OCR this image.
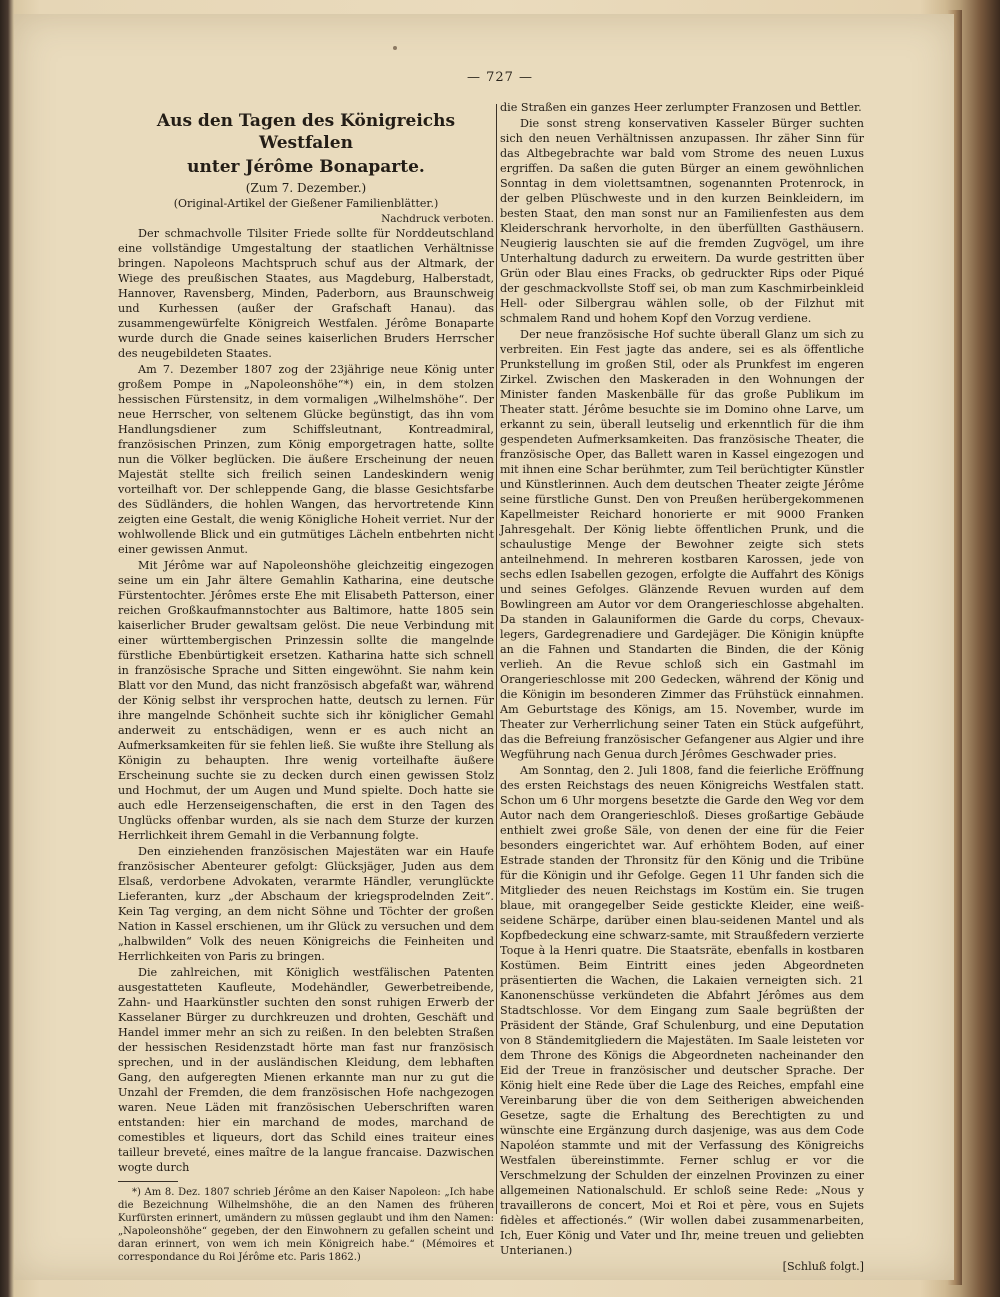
— 727 —
Aus den Tagen des Königreichs Westfalen
unter Jérôme Bonaparte.
(Zum 7. Dezember.)
(Original-Artikel der Gießener Familienblätter.)
Nachdruck verboten.

Der schmachvolle Tilsiter Friede sollte für Norddeutschland eine vollständige Umgestaltung der staatlichen Verhältnisse bringen. Napoleons Machtspruch schuf aus der Altmark, der Wiege des preußischen Staates, aus Magdeburg, Halberstadt, Hannover, Ravensberg, Minden, Paderborn, aus Braunschweig und Kurhessen (außer der Grafschaft Hanau). das zusammengewürfelte Königreich Westfalen. Jérôme Bonaparte wurde durch die Gnade seines kaiserlichen Bruders Herrscher des neugebildeten Staates.

Am 7. Dezember 1807 zog der 23jährige neue König unter großem Pompe in „Napoleonshöhe“*) ein, in dem stolzen hessischen Fürstensitz, in dem vormaligen „Wilhelmshöhe“. Der neue Herrscher, von seltenem Glücke begünstigt, das ihn vom Handlungsdiener zum Schiffsleutnant, Kontreadmiral, französischen Prinzen, zum König emporgetragen hatte, sollte nun die Völker beglücken. Die äußere Erscheinung der neuen Majestät stellte sich freilich seinen Landeskindern wenig vorteilhaft vor. Der schleppende Gang, die blasse Gesichtsfarbe des Südländers, die hohlen Wangen, das hervortretende Kinn zeigten eine Gestalt, die wenig Königliche Hoheit verriet. Nur der wohlwollende Blick und ein gutmütiges Lächeln entbehrten nicht einer gewissen Anmut.

Mit Jérôme war auf Napoleonshöhe gleichzeitig eingezogen seine um ein Jahr ältere Gemahlin Katharina, eine deutsche Fürstentochter. Jérômes erste Ehe mit Elisabeth Patterson, einer reichen Großkaufmannstochter aus Baltimore, hatte 1805 sein kaiserlicher Bruder gewaltsam gelöst. Die neue Verbindung mit einer württembergischen Prinzessin sollte die mangelnde fürstliche Ebenbürtigkeit ersetzen. Katharina hatte sich schnell in französische Sprache und Sitten eingewöhnt. Sie nahm kein Blatt vor den Mund, das nicht französisch abgefaßt war, während der König selbst ihr versprochen hatte, deutsch zu lernen. Für ihre mangelnde Schönheit suchte sich ihr königlicher Gemahl anderweit zu entschädigen, wenn er es auch nicht an Aufmerksamkeiten für sie fehlen ließ. Sie wußte ihre Stellung als Königin zu behaupten. Ihre wenig vorteilhafte äußere Erscheinung suchte sie zu decken durch einen gewissen Stolz und Hochmut, der um Augen und Mund spielte. Doch hatte sie auch edle Herzenseigenschaften, die erst in den Tagen des Unglücks offenbar wurden, als sie nach dem Sturze der kurzen Herrlichkeit ihrem Gemahl in die Verbannung folgte.

Den einziehenden französischen Majestäten war ein Haufe französischer Abenteurer gefolgt: Glücksjäger, Juden aus dem Elsaß, verdorbene Advokaten, verarmte Händler, verunglückte Lieferanten, kurz „der Abschaum der kriegsprodelnden Zeit“. Kein Tag verging, an dem nicht Söhne und Töchter der großen Nation in Kassel erschienen, um ihr Glück zu versuchen und dem „halbwilden“ Volk des neuen Königreichs die Feinheiten und Herrlichkeiten von Paris zu bringen.

Die zahlreichen, mit Königlich westfälischen Patenten ausgestatteten Kaufleute, Modehändler, Gewerbetreibende, Zahn- und Haarkünstler suchten den sonst ruhigen Erwerb der Kasselaner Bürger zu durchkreuzen und drohten, Geschäft und Handel immer mehr an sich zu reißen. In den belebten Straßen der hessischen Residenzstadt hörte man fast nur französisch sprechen, und in der ausländischen Kleidung, dem lebhaften Gang, den aufgeregten Mienen erkannte man nur zu gut die Unzahl der Fremden, die dem französischen Hofe nachgezogen waren. Neue Läden mit französischen Ueberschriften waren entstanden: hier ein marchand de modes, marchand de comestibles et liqueurs, dort das Schild eines traiteur eines tailleur breveté, eines maître de la langue francaise. Dazwischen wogte durch

*) Am 8. Dez. 1807 schrieb Jérôme an den Kaiser Napoleon: „Ich habe die Bezeichnung Wilhelmshöhe, die an den Namen des früheren Kurfürsten erinnert, umändern zu müssen geglaubt und ihm den Namen: „Napoleonshöhe“ gegeben, der den Einwohnern zu gefallen scheint und daran erinnert, von wem ich mein Königreich habe.“ (Mémoires et correspondance du Roi Jérôme etc. Paris 1862.)

die Straßen ein ganzes Heer zerlumpter Franzosen und Bettler.

Die sonst streng konservativen Kasseler Bürger suchten sich den neuen Verhältnissen anzupassen. Ihr zäher Sinn für das Altbegebrachte war bald vom Strome des neuen Luxus ergriffen. Da saßen die guten Bürger an einem gewöhnlichen Sonntag in dem violettsamtnen, sogenannten Protenrock, in der gelben Plüschweste und in den kurzen Beinkleidern, im besten Staat, den man sonst nur an Familienfesten aus dem Kleiderschrank hervorholte, in den überfüllten Gasthäusern. Neugierig lauschten sie auf die fremden Zugvögel, um ihre Unterhaltung dadurch zu erweitern. Da wurde gestritten über Grün oder Blau eines Fracks, ob gedruckter Rips oder Piqué der geschmackvollste Stoff sei, ob man zum Kaschmirbeinkleid Hell- oder Silbergrau wählen solle, ob der Filzhut mit schmalem Rand und hohem Kopf den Vorzug verdiene.

Der neue französische Hof suchte überall Glanz um sich zu verbreiten. Ein Fest jagte das andere, sei es als öffentliche Prunkstellung im großen Stil, oder als Prunkfest im engeren Zirkel. Zwischen den Maskeraden in den Wohnungen der Minister fanden Maskenbälle für das große Publikum im Theater statt. Jérôme besuchte sie im Domino ohne Larve, um erkannt zu sein, überall leutselig und erkenntlich für die ihm gespendeten Aufmerksamkeiten. Das französische Theater, die französische Oper, das Ballett waren in Kassel eingezogen und mit ihnen eine Schar berühmter, zum Teil berüchtigter Künstler und Künstlerinnen. Auch dem deutschen Theater zeigte Jérôme seine fürstliche Gunst. Den von Preußen herübergekommenen Kapellmeister Reichard honorierte er mit 9000 Franken Jahresgehalt. Der König liebte öffentlichen Prunk, und die schaulustige Menge der Bewohner zeigte sich stets anteilnehmend. In mehreren kostbaren Karossen, jede von sechs edlen Isabellen gezogen, erfolgte die Auffahrt des Königs und seines Gefolges. Glänzende Revuen wurden auf dem Bowlingreen am Autor vor dem Orangerieschlosse abgehalten. Da standen in Galauniformen die Garde du corps, Chevaux-legers, Gardegrenadiere und Gardejäger. Die Königin knüpfte an die Fahnen und Standarten die Binden, die der König verlieh. An die Revue schloß sich ein Gastmahl im Orangerieschlosse mit 200 Gedecken, während der König und die Königin im besonderen Zimmer das Frühstück einnahmen. Am Geburtstage des Königs, am 15. November, wurde im Theater zur Verherrlichung seiner Taten ein Stück aufgeführt, das die Befreiung französischer Gefangener aus Algier und ihre Wegführung nach Genua durch Jérômes Geschwader pries.

Am Sonntag, den 2. Juli 1808, fand die feierliche Eröffnung des ersten Reichstags des neuen Königreichs Westfalen statt. Schon um 6 Uhr morgens besetzte die Garde den Weg vor dem Autor nach dem Orangerieschloß. Dieses großartige Gebäude enthielt zwei große Säle, von denen der eine für die Feier besonders eingerichtet war. Auf erhöhtem Boden, auf einer Estrade standen der Thronsitz für den König und die Tribüne für die Königin und ihr Gefolge. Gegen 11 Uhr fanden sich die Mitglieder des neuen Reichstags im Kostüm ein. Sie trugen blaue, mit orangegelber Seide gestickte Kleider, eine weiß-seidene Schärpe, darüber einen blau-seidenen Mantel und als Kopfbedeckung eine schwarz-samte, mit Straußfedern verzierte Toque à la Henri quatre. Die Staatsräte, ebenfalls in kostbaren Kostümen. Beim Eintritt eines jeden Abgeordneten präsentierten die Wachen, die Lakaien verneigten sich. 21 Kanonenschüsse verkündeten die Abfahrt Jérômes aus dem Stadtschlosse. Vor dem Eingang zum Saale begrüßten der Präsident der Stände, Graf Schulenburg, und eine Deputation von 8 Ständemitgliedern die Majestäten. Im Saale leisteten vor dem Throne des Königs die Abgeordneten nacheinander den Eid der Treue in französischer und deutscher Sprache. Der König hielt eine Rede über die Lage des Reiches, empfahl eine Vereinbarung über die von dem Seitherigen abweichenden Gesetze, sagte die Erhaltung des Berechtigten zu und wünschte eine Ergänzung durch dasjenige, was aus dem Code Napoléon stammte und mit der Verfassung des Königreichs Westfalen übereinstimmte. Ferner schlug er vor die Verschmelzung der Schulden der einzelnen Provinzen zu einer allgemeinen Nationalschuld. Er schloß seine Rede: „Nous y travaillerons de concert, Moi et Roi et père, vous en Sujets fidèles et affectionés.“ (Wir wollen dabei zusammenarbeiten, Ich, Euer König und Vater und Ihr, meine treuen und geliebten Unterianen.)

[Schluß folgt.]
